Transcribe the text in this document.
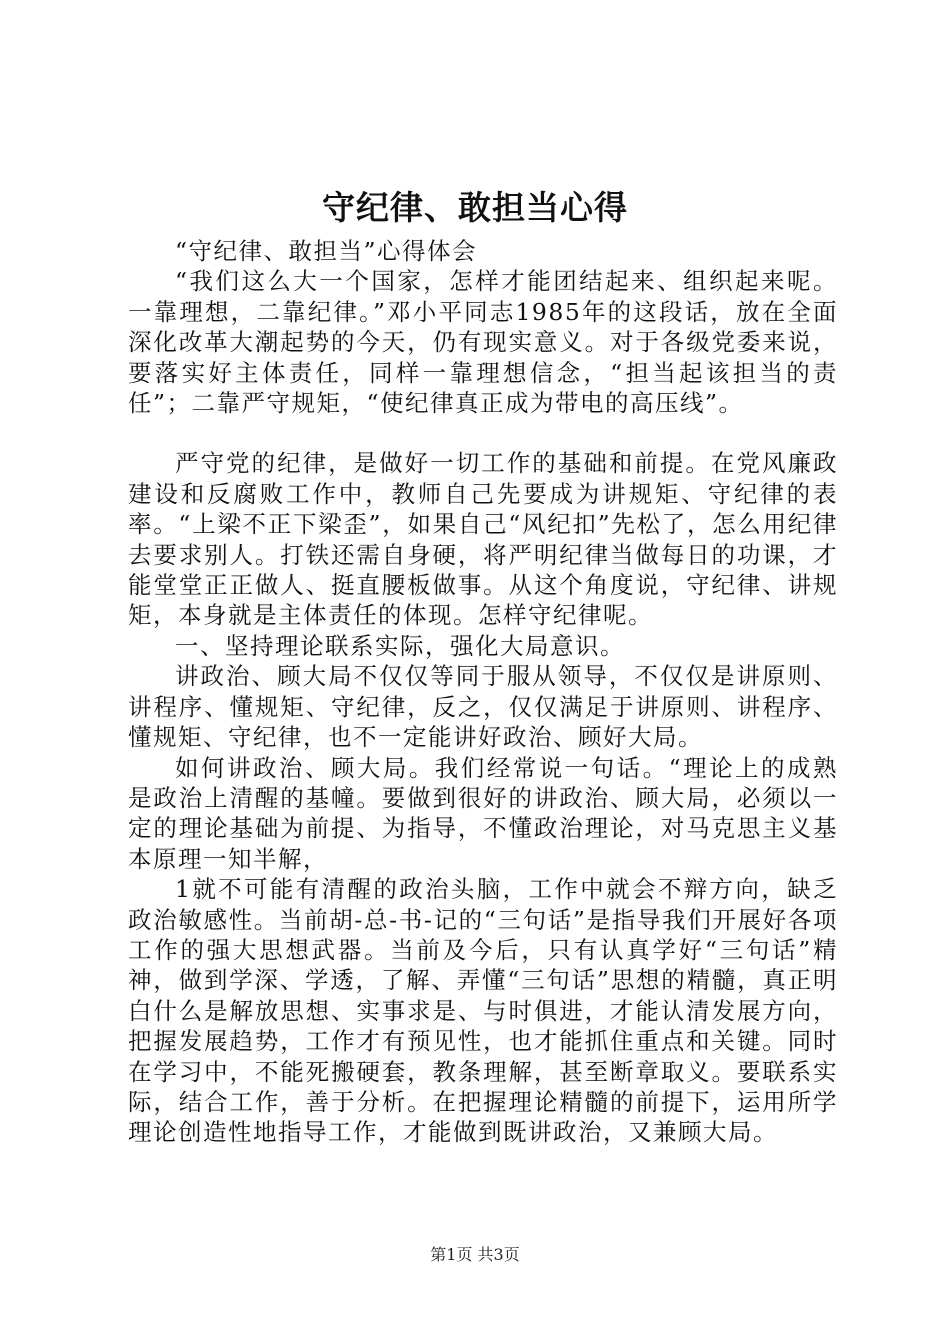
守纪律、敢担当心得

“守纪律、敢担当”心得体会

“我们这么大一个国家，怎样才能团结起来、组织起来呢。一靠理想，二靠纪律。”邓小平同志1985年的这段话，放在全面深化改革大潮起势的今天，仍有现实意义。对于各级党委来说，要落实好主体责任，同样一靠理想信念，“担当起该担当的责任”；二靠严守规矩，“使纪律真正成为带电的高压线”。

严守党的纪律，是做好一切工作的基础和前提。在党风廉政建设和反腐败工作中，教师自己先要成为讲规矩、守纪律的表率。“上梁不正下梁歪”，如果自己“风纪扣”先松了，怎么用纪律去要求别人。打铁还需自身硬，将严明纪律当做每日的功课，才能堂堂正正做人、挺直腰板做事。从这个角度说，守纪律、讲规矩，本身就是主体责任的体现。怎样守纪律呢。

一、坚持理论联系实际，强化大局意识。

讲政治、顾大局不仅仅等同于服从领导，不仅仅是讲原则、讲程序、懂规矩、守纪律，反之，仅仅满足于讲原则、讲程序、懂规矩、守纪律，也不一定能讲好政治、顾好大局。

如何讲政治、顾大局。我们经常说一句话。“理论上的成熟是政治上清醒的基幢。要做到很好的讲政治、顾大局，必须以一定的理论基础为前提、为指导，不懂政治理论，对马克思主义基本原理一知半解，

1就不可能有清醒的政治头脑，工作中就会不辩方向，缺乏政治敏感性。当前胡-总-书-记的“三句话”是指导我们开展好各项工作的强大思想武器。当前及今后，只有认真学好“三句话”精神，做到学深、学透，了解、弄懂“三句话”思想的精髓，真正明白什么是解放思想、实事求是、与时俱进，才能认清发展方向，把握发展趋势，工作才有预见性，也才能抓住重点和关键。同时在学习中，不能死搬硬套，教条理解，甚至断章取义。要联系实际，结合工作，善于分析。在把握理论精髓的前提下，运用所学理论创造性地指导工作，才能做到既讲政治，又兼顾大局。

第1页 共3页
